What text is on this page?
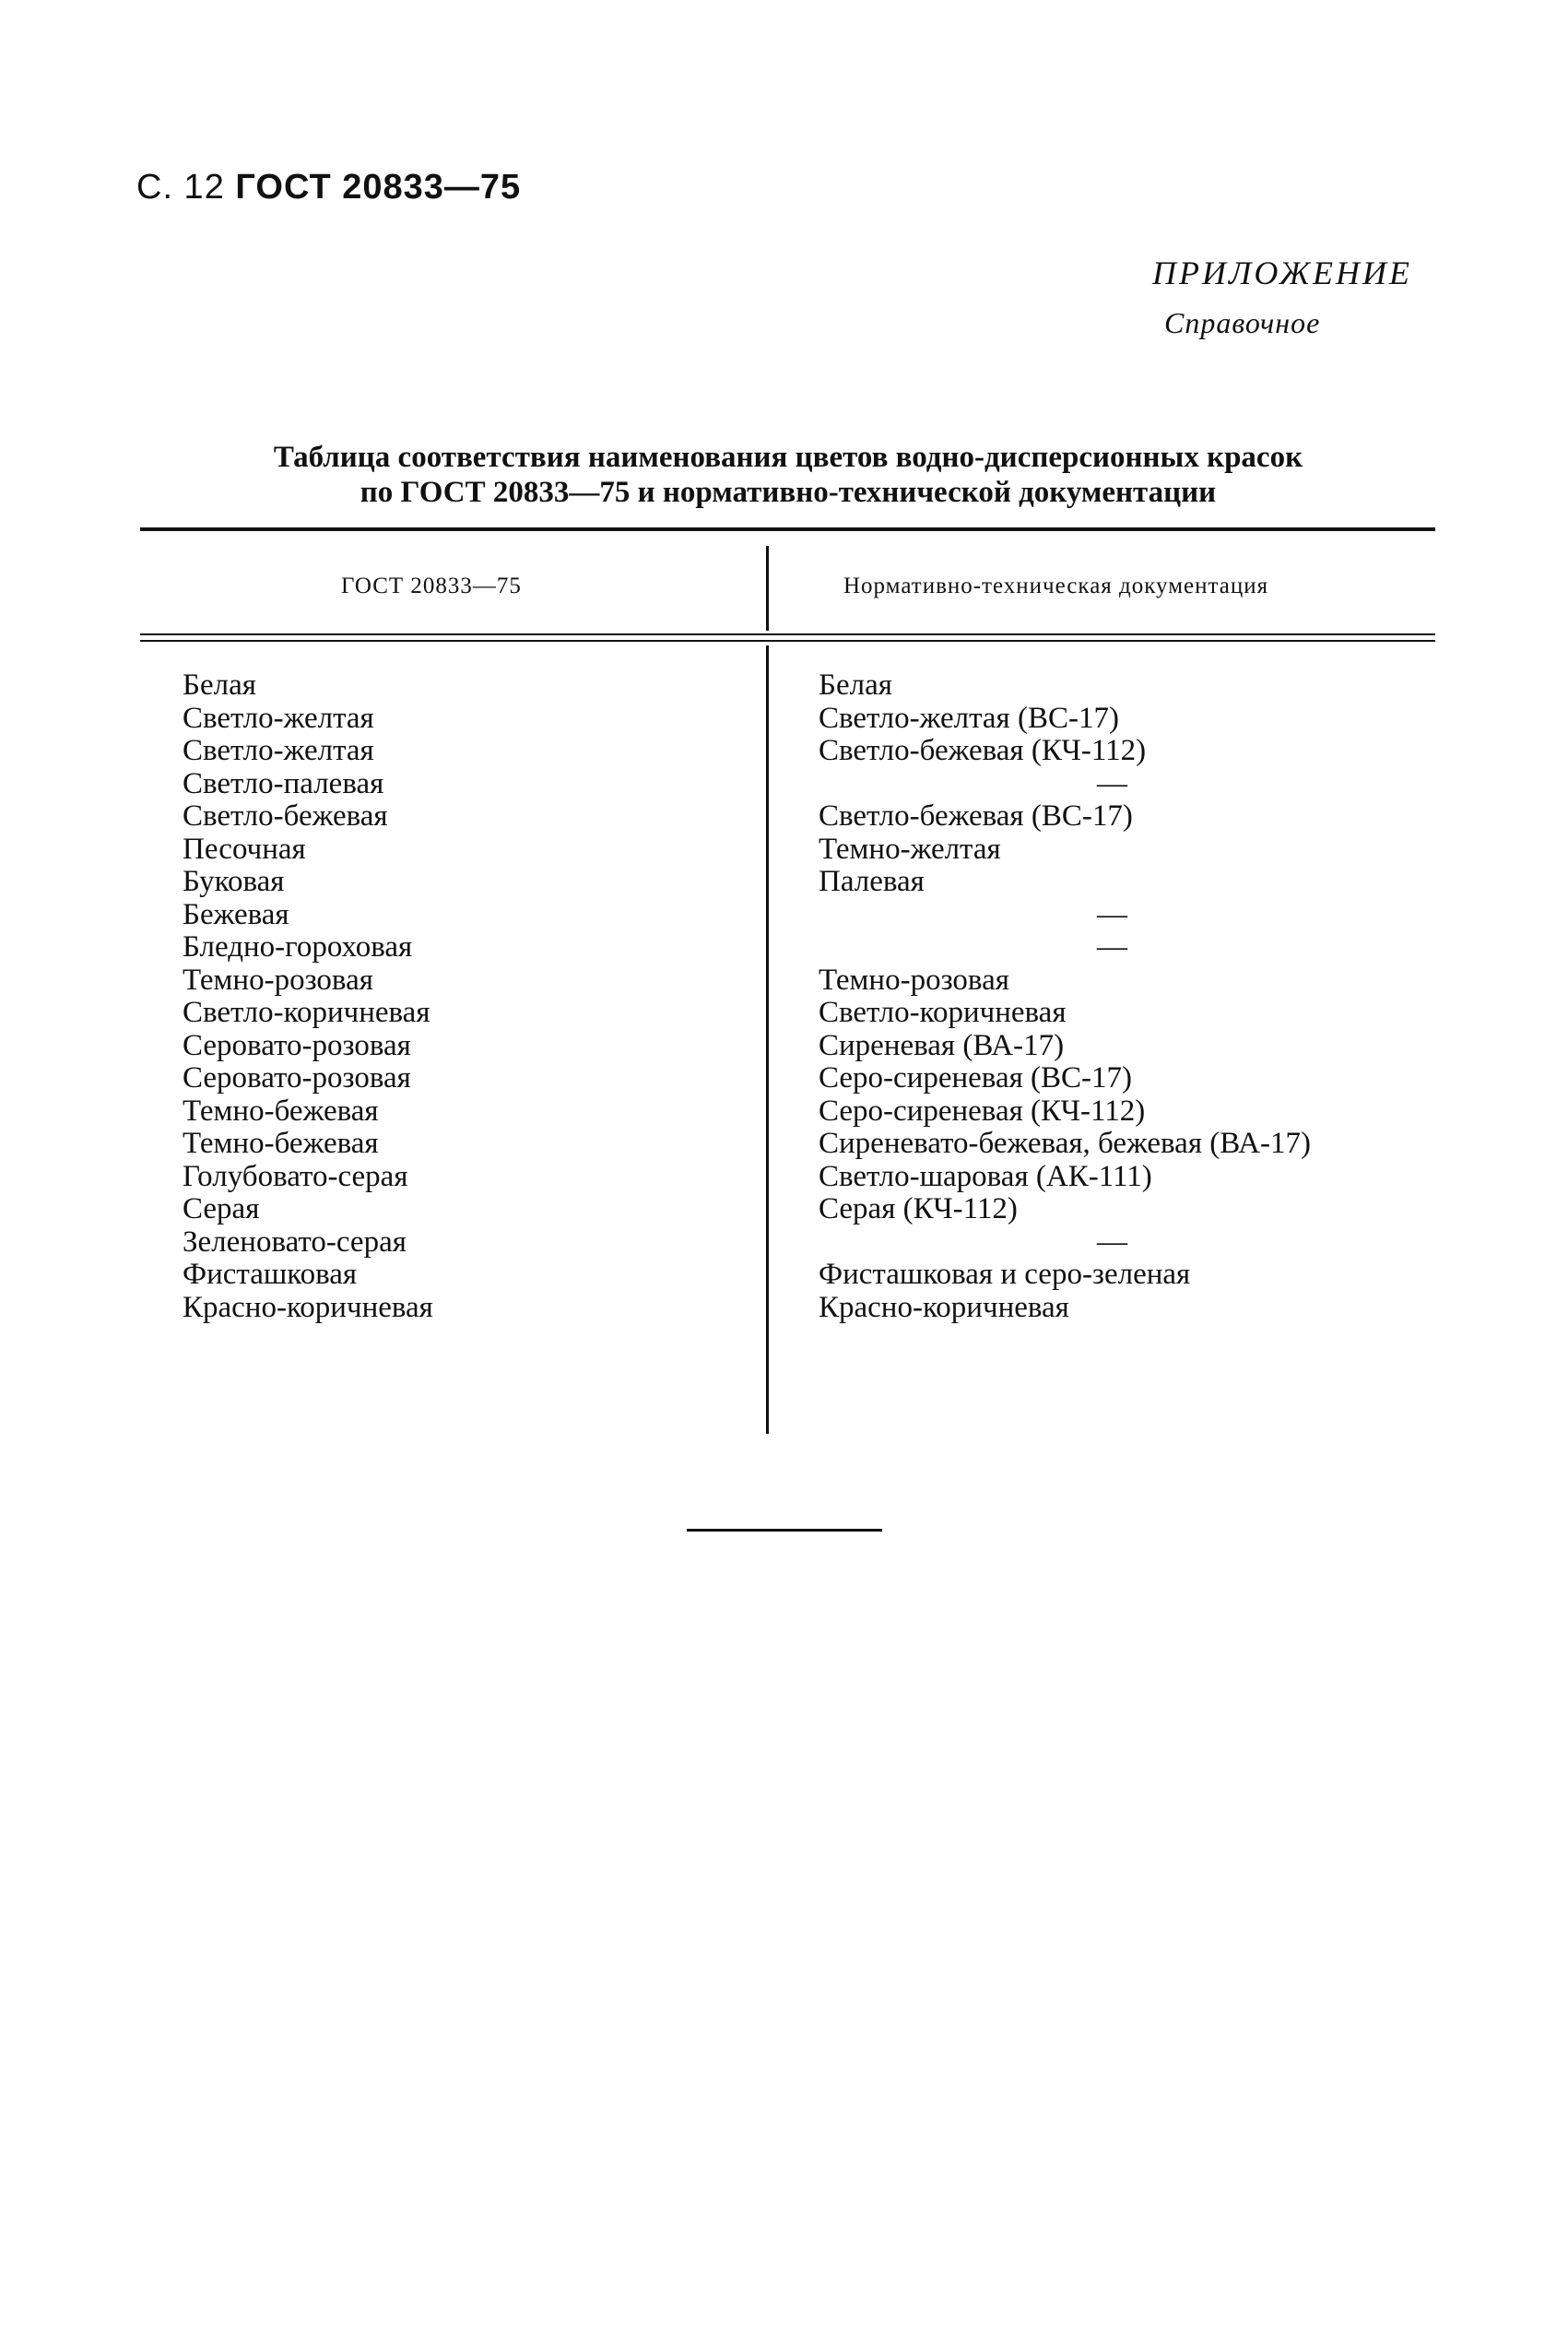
С. 12 ГОСТ 20833—75
ПРИЛОЖЕНИЕ
Справочное
Таблица соответствия наименования цветов водно-дисперсионных красок
по ГОСТ 20833—75 и нормативно-технической документации
ГОСТ 20833—75	Нормативно-техническая документация
Белая
Светло-желтая
Светло-желтая
Светло-палевая
Светло-бежевая
Песочная
Буковая
Бежевая
Бледно-гороховая
Темно-розовая
Светло-коричневая
Серовато-розовая
Серовато-розовая
Темно-бежевая
Темно-бежевая
Голубовато-серая
Серая
Зеленовато-серая
Фисташковая
Красно-коричневая
Белая
Светло-желтая (ВС-17)
Светло-бежевая (КЧ-112)
—
Светло-бежевая (ВС-17)
Темно-желтая
Палевая
—
—
Темно-розовая
Светло-коричневая
Сиреневая (ВА-17)
Серо-сиреневая (ВС-17)
Серо-сиреневая (КЧ-112)
Сиреневато-бежевая, бежевая (ВА-17)
Светло-шаровая (АК-111)
Серая (КЧ-112)
—
Фисташковая и серо-зеленая
Красно-коричневая
